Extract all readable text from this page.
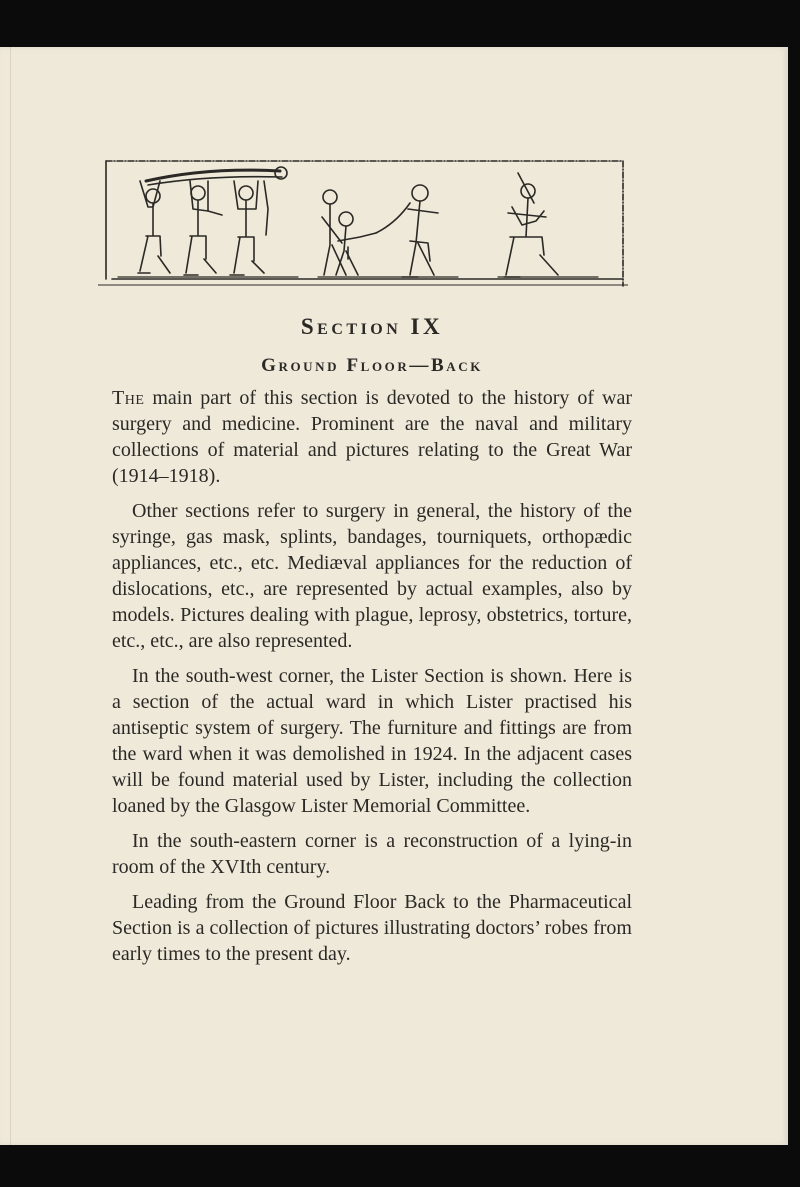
Section IX
Ground Floor—Back

The main part of this section is devoted to the history of war surgery and medicine. Prominent are the naval and military collections of material and pictures relating to the Great War (1914–1918).

Other sections refer to surgery in general, the history of the syringe, gas mask, splints, bandages, tourniquets, orthopædic appliances, etc., etc. Mediæval appliances for the reduction of dislocations, etc., are represented by actual examples, also by models. Pictures dealing with plague, leprosy, obstetrics, torture, etc., etc., are also represented.

In the south-west corner, the Lister Section is shown. Here is a section of the actual ward in which Lister practised his antiseptic system of surgery. The furniture and fittings are from the ward when it was demolished in 1924. In the adjacent cases will be found material used by Lister, including the collection loaned by the Glasgow Lister Memorial Committee.

In the south-eastern corner is a reconstruction of a lying-in room of the XVIth century.

Leading from the Ground Floor Back to the Pharmaceutical Section is a collection of pictures illustrating doctors’ robes from early times to the present day.
